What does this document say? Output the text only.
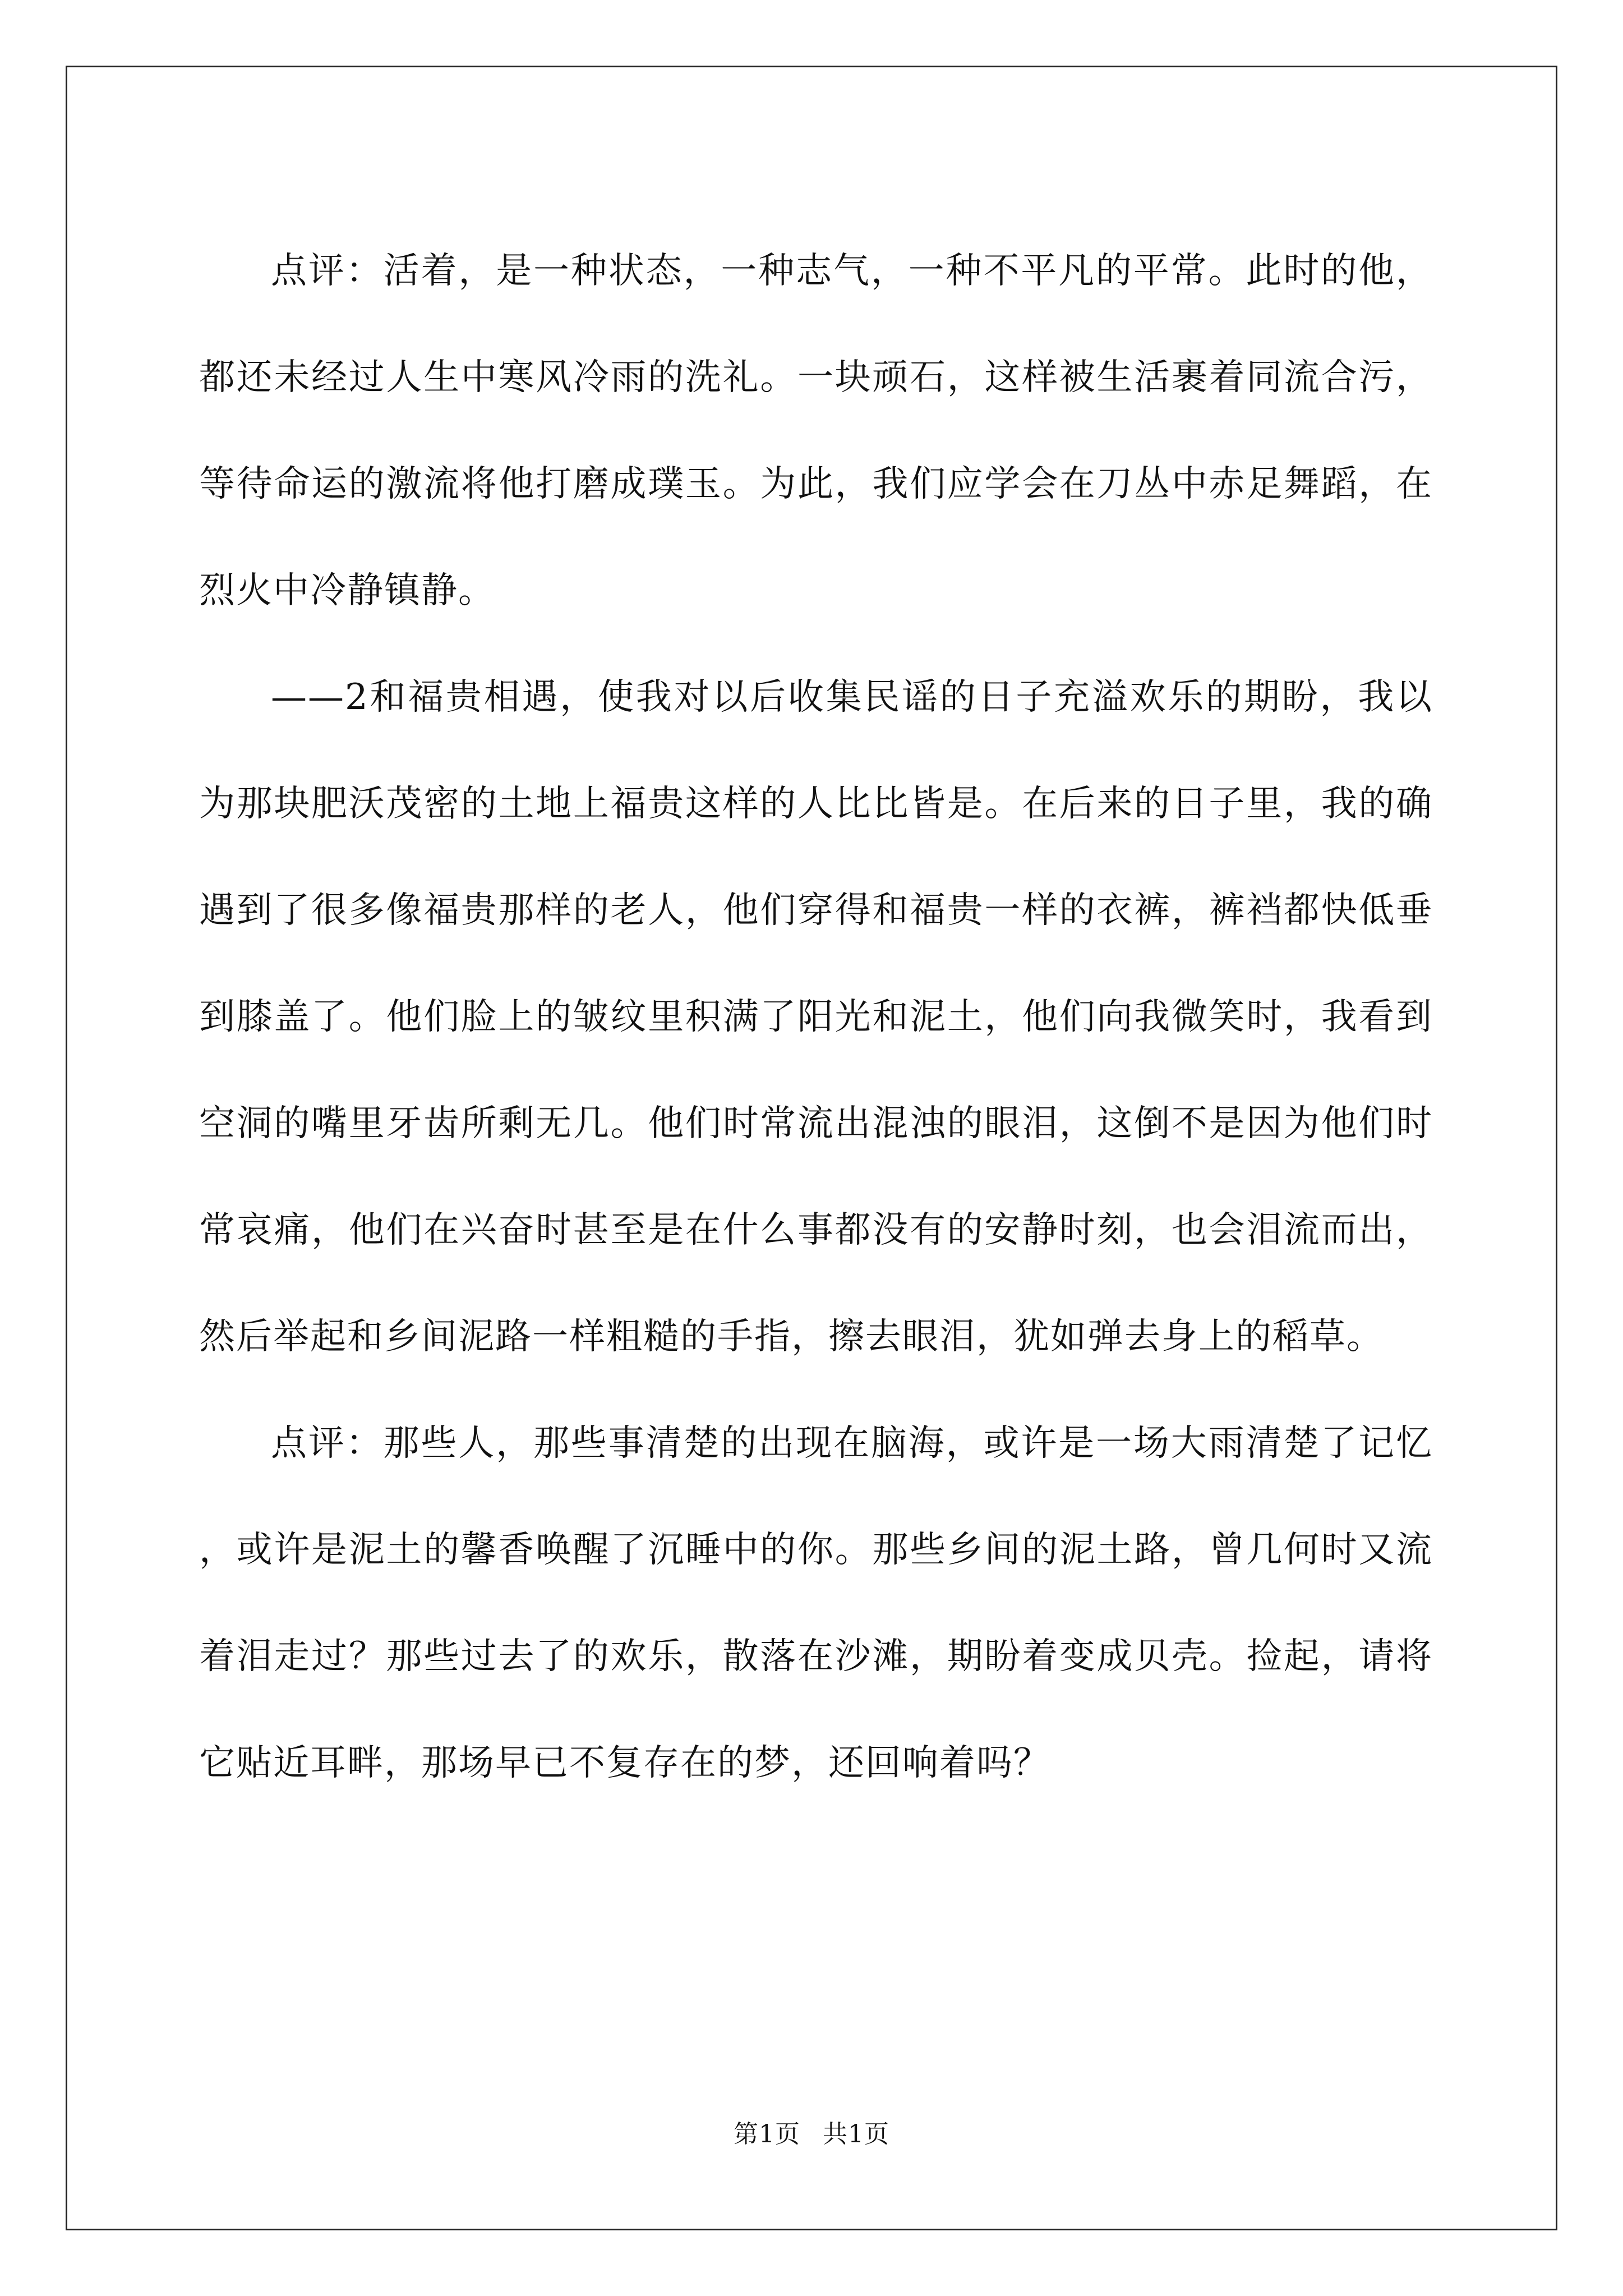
点评：活着，是一种状态，一种志气，一种不平凡的平常。此时的他，都还未经过人生中寒风冷雨的洗礼。一块顽石，这样被生活裹着同流合污，等待命运的激流将他打磨成璞玉。为此，我们应学会在刀丛中赤足舞蹈，在烈火中冷静镇静。

——2和福贵相遇，使我对以后收集民谣的日子充溢欢乐的期盼，我以为那块肥沃茂密的土地上福贵这样的人比比皆是。在后来的日子里，我的确遇到了很多像福贵那样的老人，他们穿得和福贵一样的衣裤，裤裆都快低垂到膝盖了。他们脸上的皱纹里积满了阳光和泥土，他们向我微笑时，我看到空洞的嘴里牙齿所剩无几。他们时常流出混浊的眼泪，这倒不是因为他们时常哀痛，他们在兴奋时甚至是在什么事都没有的安静时刻，也会泪流而出，然后举起和乡间泥路一样粗糙的手指，擦去眼泪，犹如弹去身上的稻草。

点评：那些人，那些事清楚的出现在脑海，或许是一场大雨清楚了记忆，或许是泥土的馨香唤醒了沉睡中的你。那些乡间的泥土路，曾几何时又流着泪走过？那些过去了的欢乐，散落在沙滩，期盼着变成贝壳。捡起，请将它贴近耳畔，那场早已不复存在的梦，还回响着吗？

第1页 共1页
